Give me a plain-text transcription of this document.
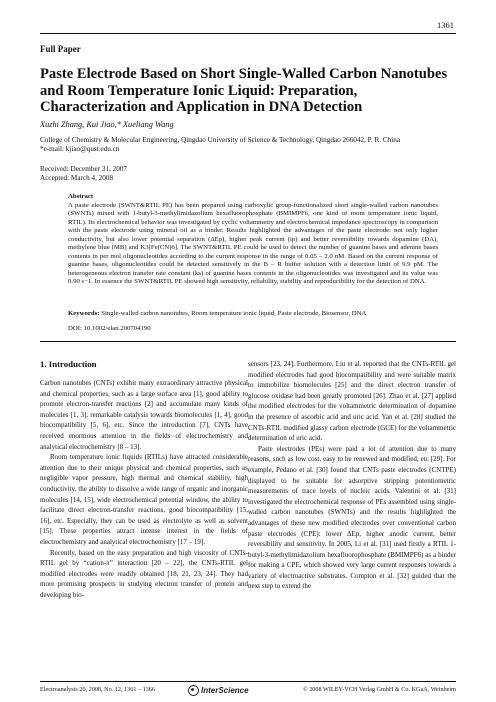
1361
Full Paper
Paste Electrode Based on Short Single-Walled Carbon Nanotubes
and Room Temperature Ionic Liquid: Preparation,
Characterization and Application in DNA Detection
Xuzhi Zhang, Kui Jiao,* Xueliang Wang
College of Chemistry & Molecular Engineering, Qingdao University of Science & Technology, Qingdao 266042, P. R. China
*e-mail: kjiao@qust.edu.cn
Received: December 31, 2007
Accepted: March 4, 2008
Abstract
A paste electrode (SWNT&RTIL PE) has been prepared using carboxylic group-functionalized short single-walled carbon nanotubes (SWNTs) mixed with 1-butyl-3-methylimidazolium hexafluorophosphate (BMIMPF6, one kind of room temperature ionic liquid, RTIL). Its electrochemical behavior was investigated by cyclic voltammetry and electrochemical impedance spectroscopy in comparison with the paste electrode using mineral oil as a binder. Results highlighted the advantages of the paste electrode: not only higher conductivity, but also lower potential separation (ΔEp), higher peak current (ip) and better reversibility towards dopamine (DA), methylene blue (MB) and K3[Fe(CN)6]. The SWNT&RTIL PE could be used to detect the number of guanine bases and adenine bases contents in per mol oligonucleotides according to the current response in the range of 0.05 – 2.0 nM. Based on the current response of guanine bases, oligonucleotides could be detected sensitively in the B – R buffer solution with a detection limit of 9.9 pM. The heterogeneous electron transfer rate constant (ks) of guanine bases contents in the oligonucleotides was investigated and its value was 0.90 s−1. In essence the SWNT&RTIL PE showed high sensitivity, reliability, stability and reproducibility for the detection of DNA.
Keywords: Single-walled carbon nanotubes, Room temperature ionic liquid, Paste electrode, Biosensor, DNA
DOI: 10.1002/elan.200704190
1. Introduction

Carbon nanotubes (CNTs) exhibit many extraordinary attractive physical and chemical properties, such as a large surface area [1], good ability to promote electron-transfer reactions [2] and accumulate many kinds of molecules [1, 3], remarkable catalysis towards biomolecules [1, 4], good biocompatibility [5, 6], etc. Since the introduction [7], CNTs have received enormous attention in the fields of electrochemistry and analytical electrochemistry [8 – 13].

Room temperature ionic liquids (RTILs) have attracted considerable attention due to their unique physical and chemical properties, such as negligible vapor pressure, high thermal and chemical stability, high conductivity, the ability to dissolve a wide range of organic and inorganic molecules [14, 15], wide electrochemical potential window, the ability to facilitate direct electron-transfer reactions, good biocompatibility [15, 16], etc. Especially, they can be used as electrolyte as well as solvent [15]. These properties attract intense interest in the fields of electrochemistry and analytical electrochemistry [17 – 19].

Recently, based on the easy preparation and high viscosity of CNTs-RTIL gel by “cation-π” interaction [20 – 22], the CNTs-RTIL gel modified electrodes were readily obtained [18, 21, 23, 24]. They had more promising prospects in studying electron transfer of protein and developing bio-

sensors [23, 24]. Furthermore, Liu et al. reported that the CNTs-RTIL gel modified electrodes had good biocompatibility and were suitable matrix to immobilize biomolecules [25] and the direct electron transfer of glucose oxidase had been greatly promoted [26]. Zhao et al. [27] applied the modified electrodes for the voltammetric determination of dopamine in the presence of ascorbic acid and uric acid. Yan et al. [28] studied the CNTs-RTIL modified glassy carbon electrode (GCE) for the voltammetric determination of uric acid.

Paste electrodes (PEs) were paid a lot of attention due to many reasons, such as low cost, easy to be renewed and modified, etc [29]. For example, Pedano et al. [30] found that CNTs paste electrodes (CNTPE) displayed to be suitable for adsorptive stripping potentiometric measurements of trace levels of nucleic acids. Valentini et al. [31] investigated the electrochemical response of PEs assembled using single-walled carbon nanotubes (SWNTs) and the results highlighted the advantages of these new modified electrodes over conventional carbon paste electrodes (CPE): lower ΔEp, higher anodic current, better reversibility and sensitivity. In 2005, Li et al. [31] used firstly a RTIL 1-butyl-3-methylimidazolium hexafluorophosphate (BMIMPF6) as a binder for making a CPE, which showed very large current responses towards a variety of electroactive substrates. Compton et al. [32] guided that the next step to extend the

Electroanalysis 20, 2008, No. 12, 1361 – 1366	InterScience	© 2008 WILEY-VCH Verlag GmbH & Co. KGaA, Weinheim
